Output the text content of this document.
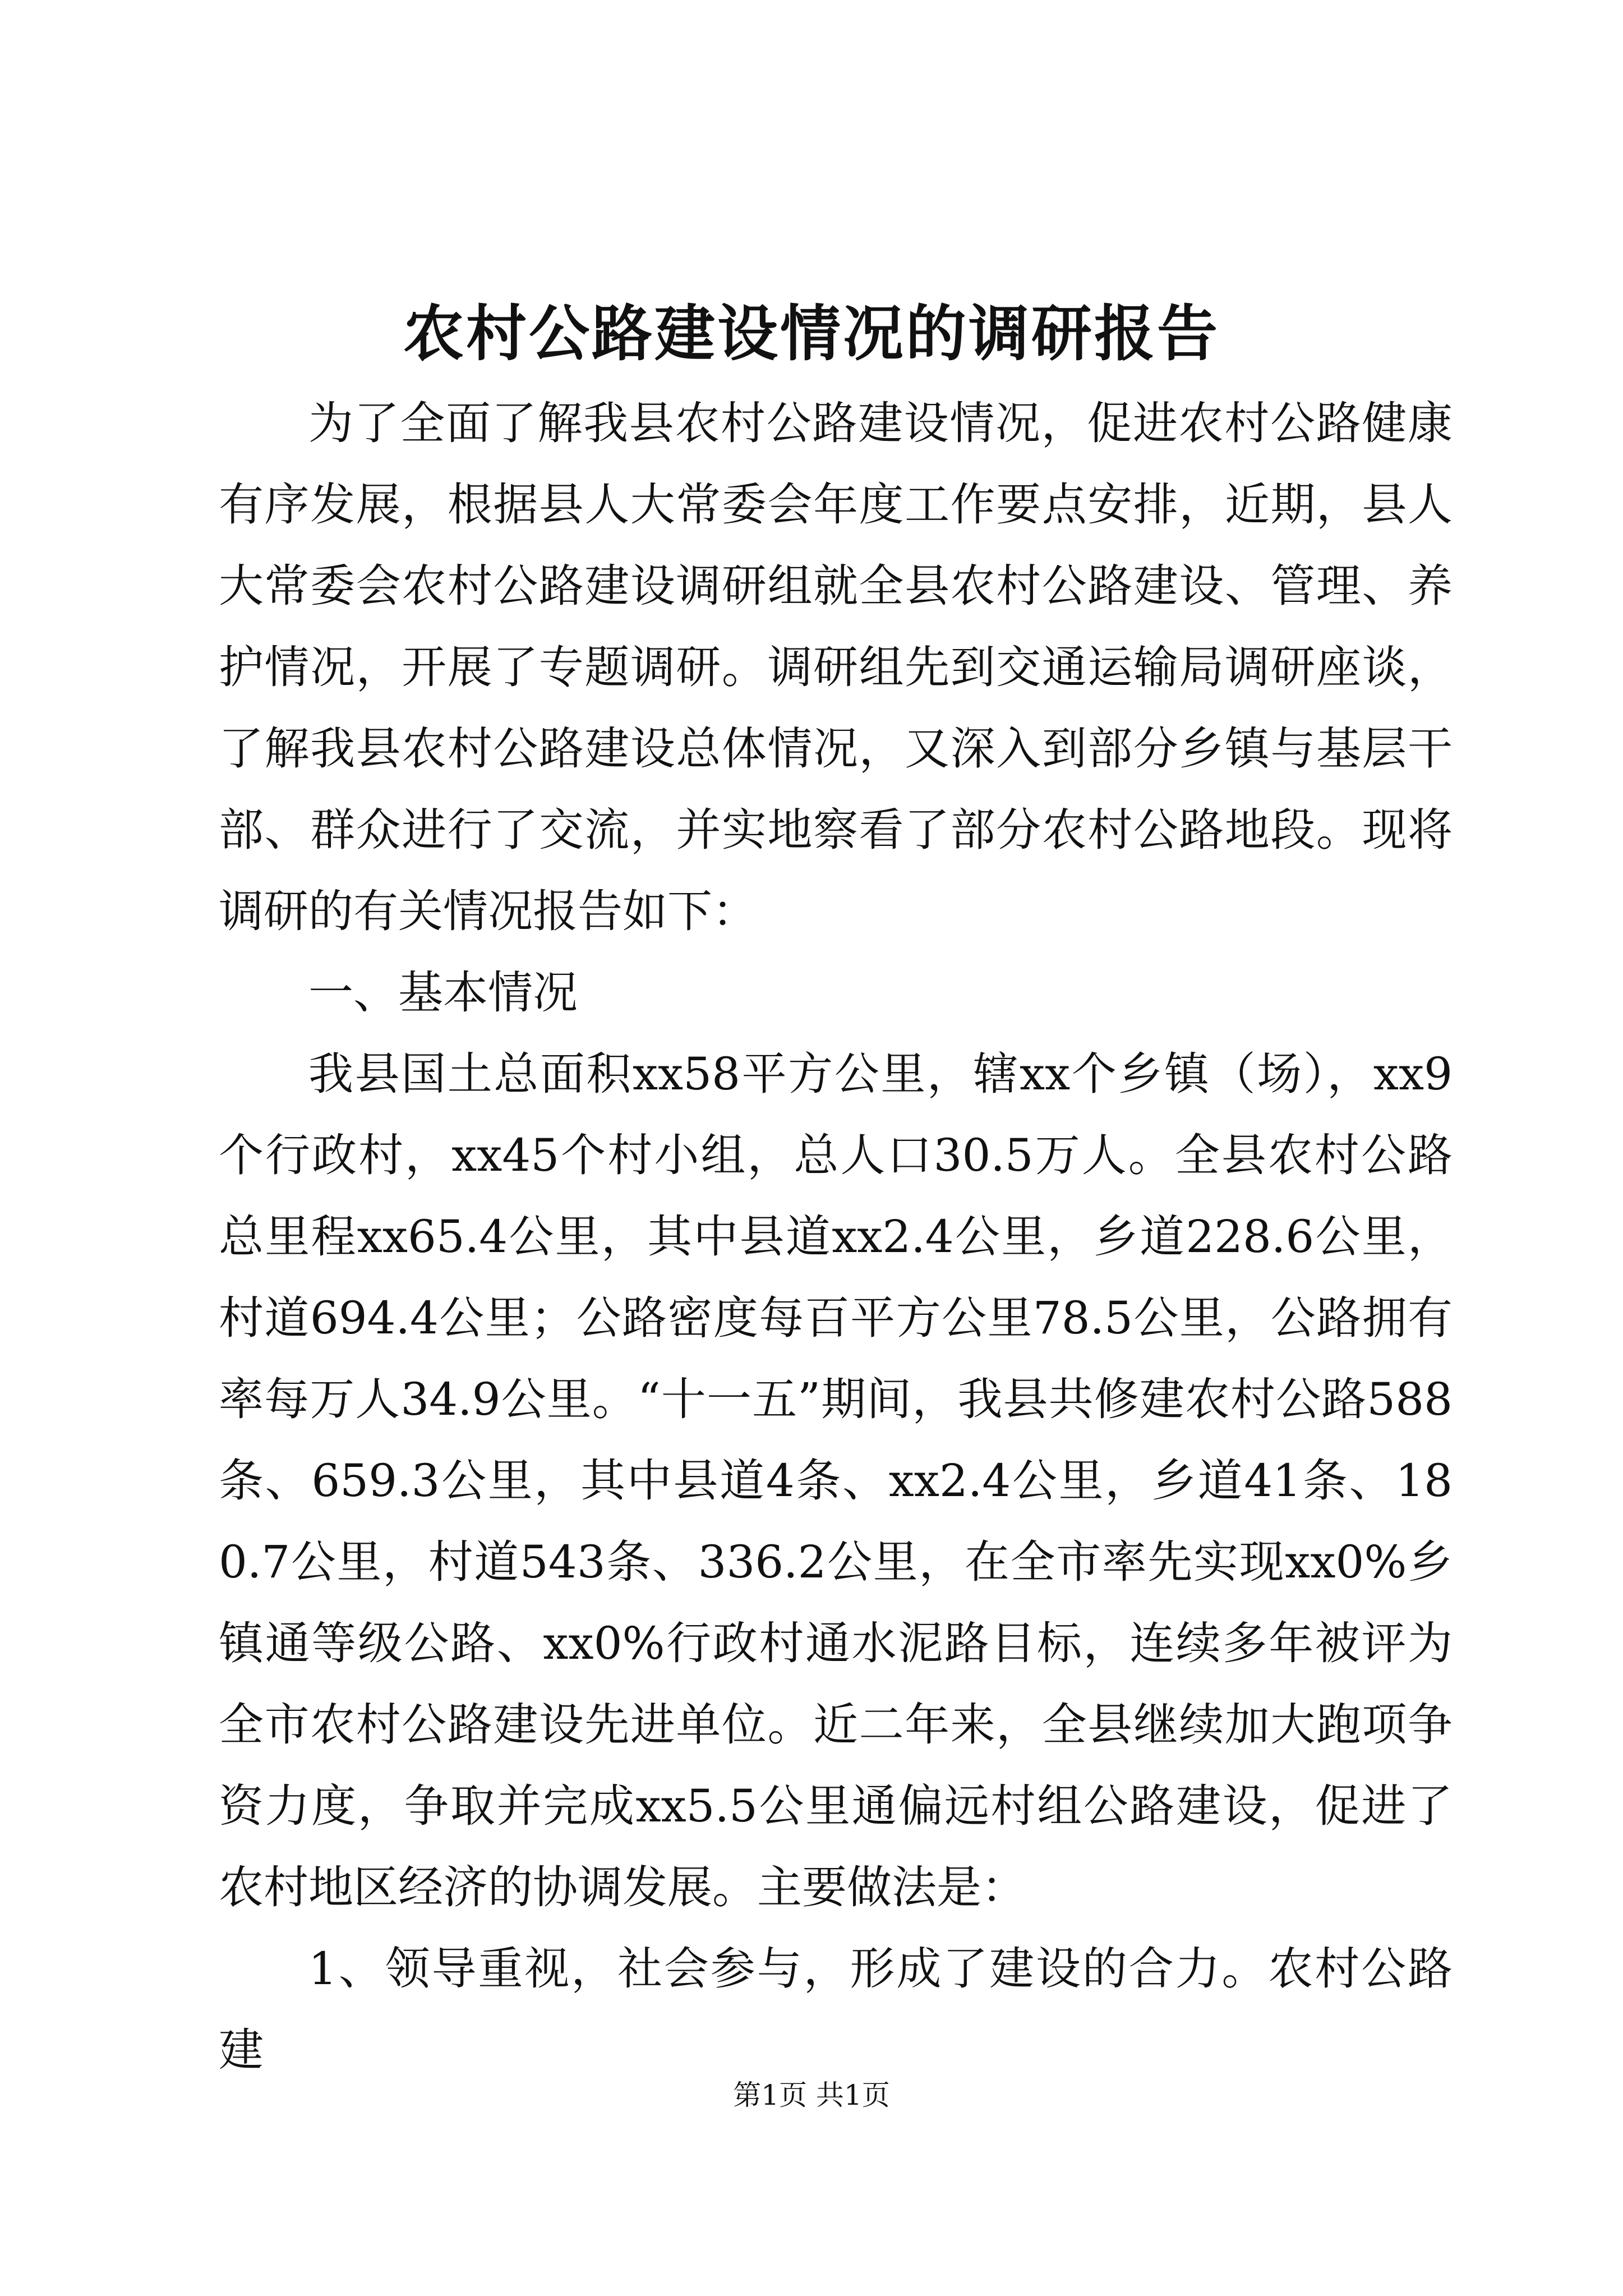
农村公路建设情况的调研报告

为了全面了解我县农村公路建设情况，促进农村公路健康有序发展，根据县人大常委会年度工作要点安排，近期，县人大常委会农村公路建设调研组就全县农村公路建设、管理、养护情况，开展了专题调研。调研组先到交通运输局调研座谈，了解我县农村公路建设总体情况，又深入到部分乡镇与基层干部、群众进行了交流，并实地察看了部分农村公路地段。现将调研的有关情况报告如下：

一、基本情况

我县国土总面积xx58平方公里，辖xx个乡镇（场），xx9个行政村，xx45个村小组，总人口30.5万人。全县农村公路总里程xx65.4公里，其中县道xx2.4公里，乡道228.6公里，村道694.4公里；公路密度每百平方公里78.5公里，公路拥有率每万人34.9公里。“十一五”期间，我县共修建农村公路588条、659.3公里，其中县道4条、xx2.4公里，乡道41条、180.7公里，村道543条、336.2公里，在全市率先实现xx0%乡镇通等级公路、xx0%行政村通水泥路目标，连续多年被评为全市农村公路建设先进单位。近二年来，全县继续加大跑项争资力度，争取并完成xx5.5公里通偏远村组公路建设，促进了农村地区经济的协调发展。主要做法是：

1、领导重视，社会参与，形成了建设的合力。农村公路建

第1页 共1页
